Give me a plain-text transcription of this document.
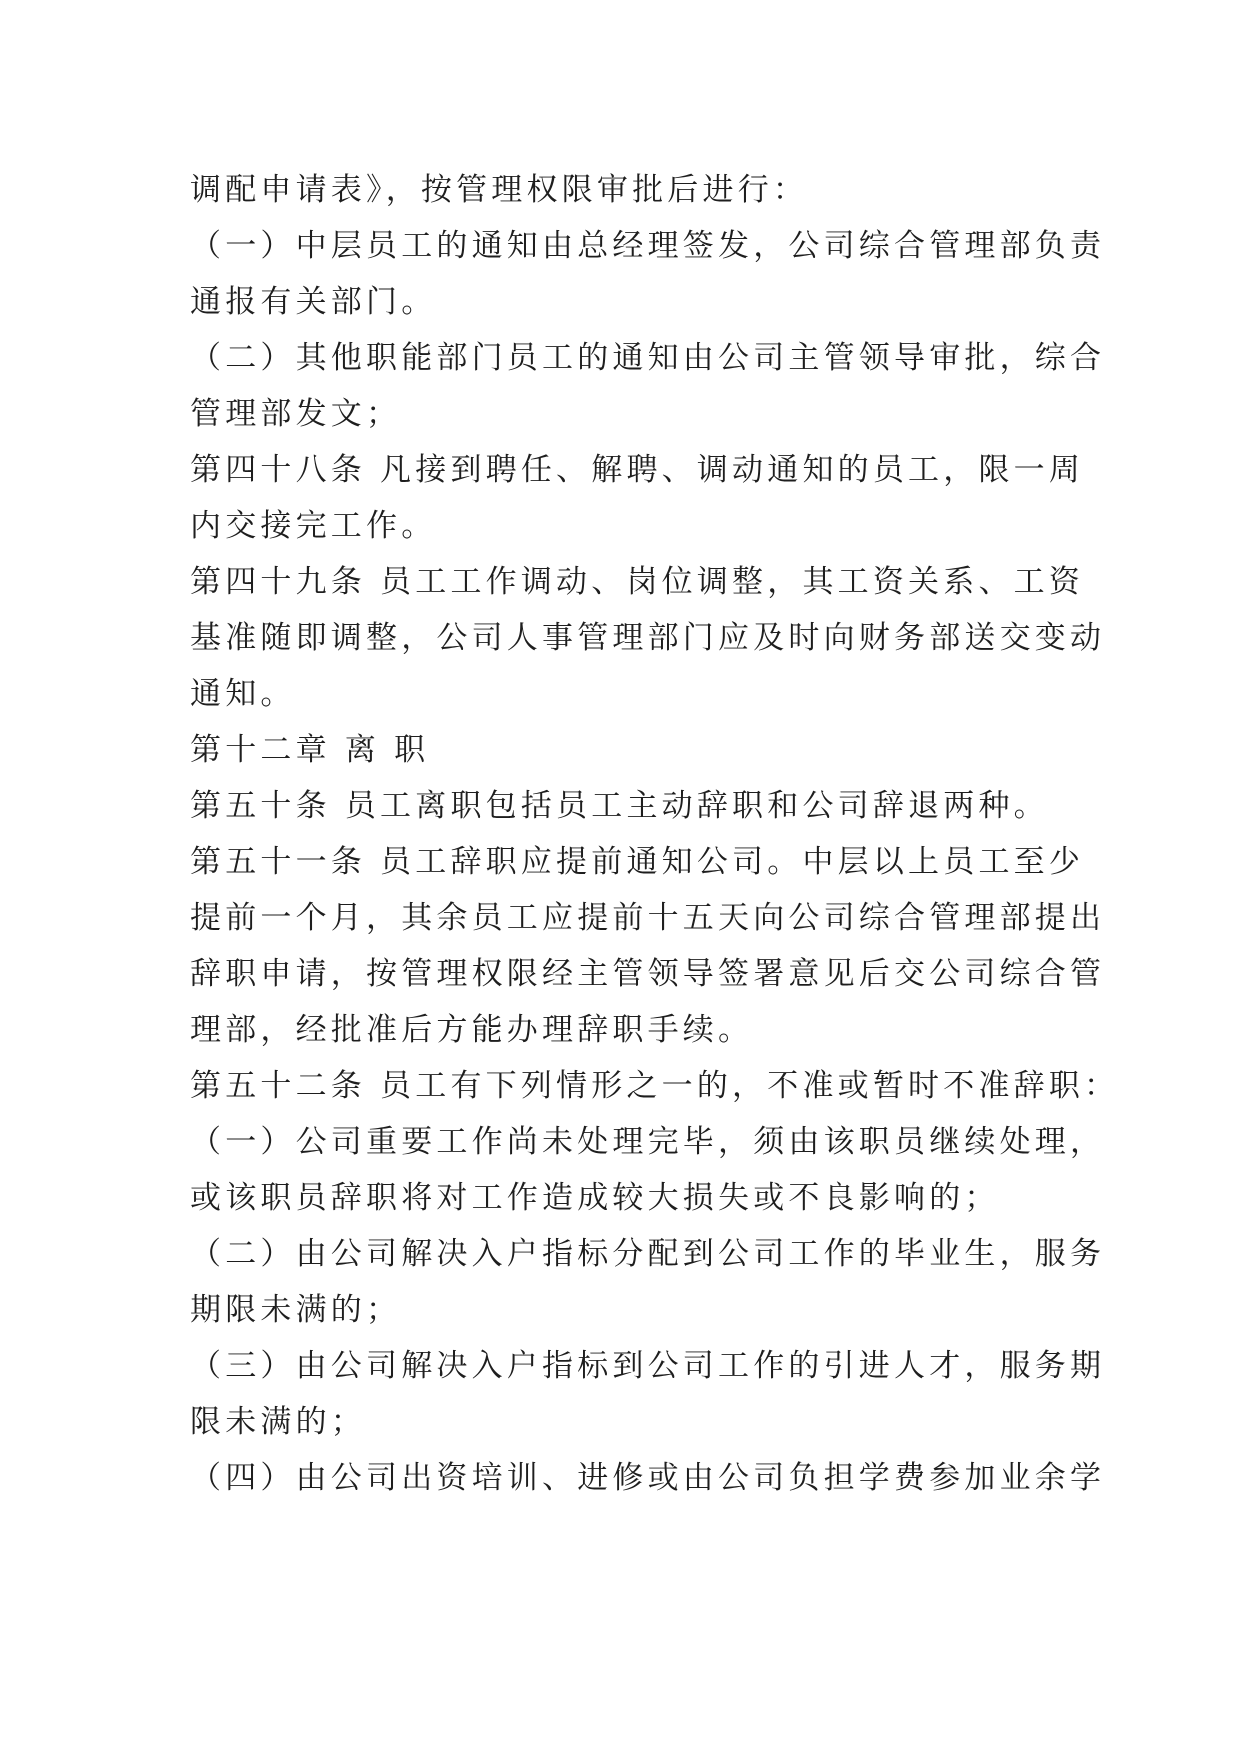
调配申请表》，按管理权限审批后进行：

（一）中层员工的通知由总经理签发，公司综合管理部负责

通报有关部门。

（二）其他职能部门员工的通知由公司主管领导审批，综合

管理部发文；

第四十八条 凡接到聘任、解聘、调动通知的员工，限一周

内交接完工作。

第四十九条 员工工作调动、岗位调整，其工资关系、工资

基准随即调整，公司人事管理部门应及时向财务部送交变动

通知。

第十二章 离 职

第五十条 员工离职包括员工主动辞职和公司辞退两种。

第五十一条 员工辞职应提前通知公司。中层以上员工至少

提前一个月，其余员工应提前十五天向公司综合管理部提出

辞职申请，按管理权限经主管领导签署意见后交公司综合管

理部，经批准后方能办理辞职手续。

第五十二条 员工有下列情形之一的，不准或暂时不准辞职：

（一）公司重要工作尚未处理完毕，须由该职员继续处理，

或该职员辞职将对工作造成较大损失或不良影响的；

（二）由公司解决入户指标分配到公司工作的毕业生，服务

期限未满的；

（三）由公司解决入户指标到公司工作的引进人才，服务期

限未满的；

（四）由公司出资培训、进修或由公司负担学费参加业余学
